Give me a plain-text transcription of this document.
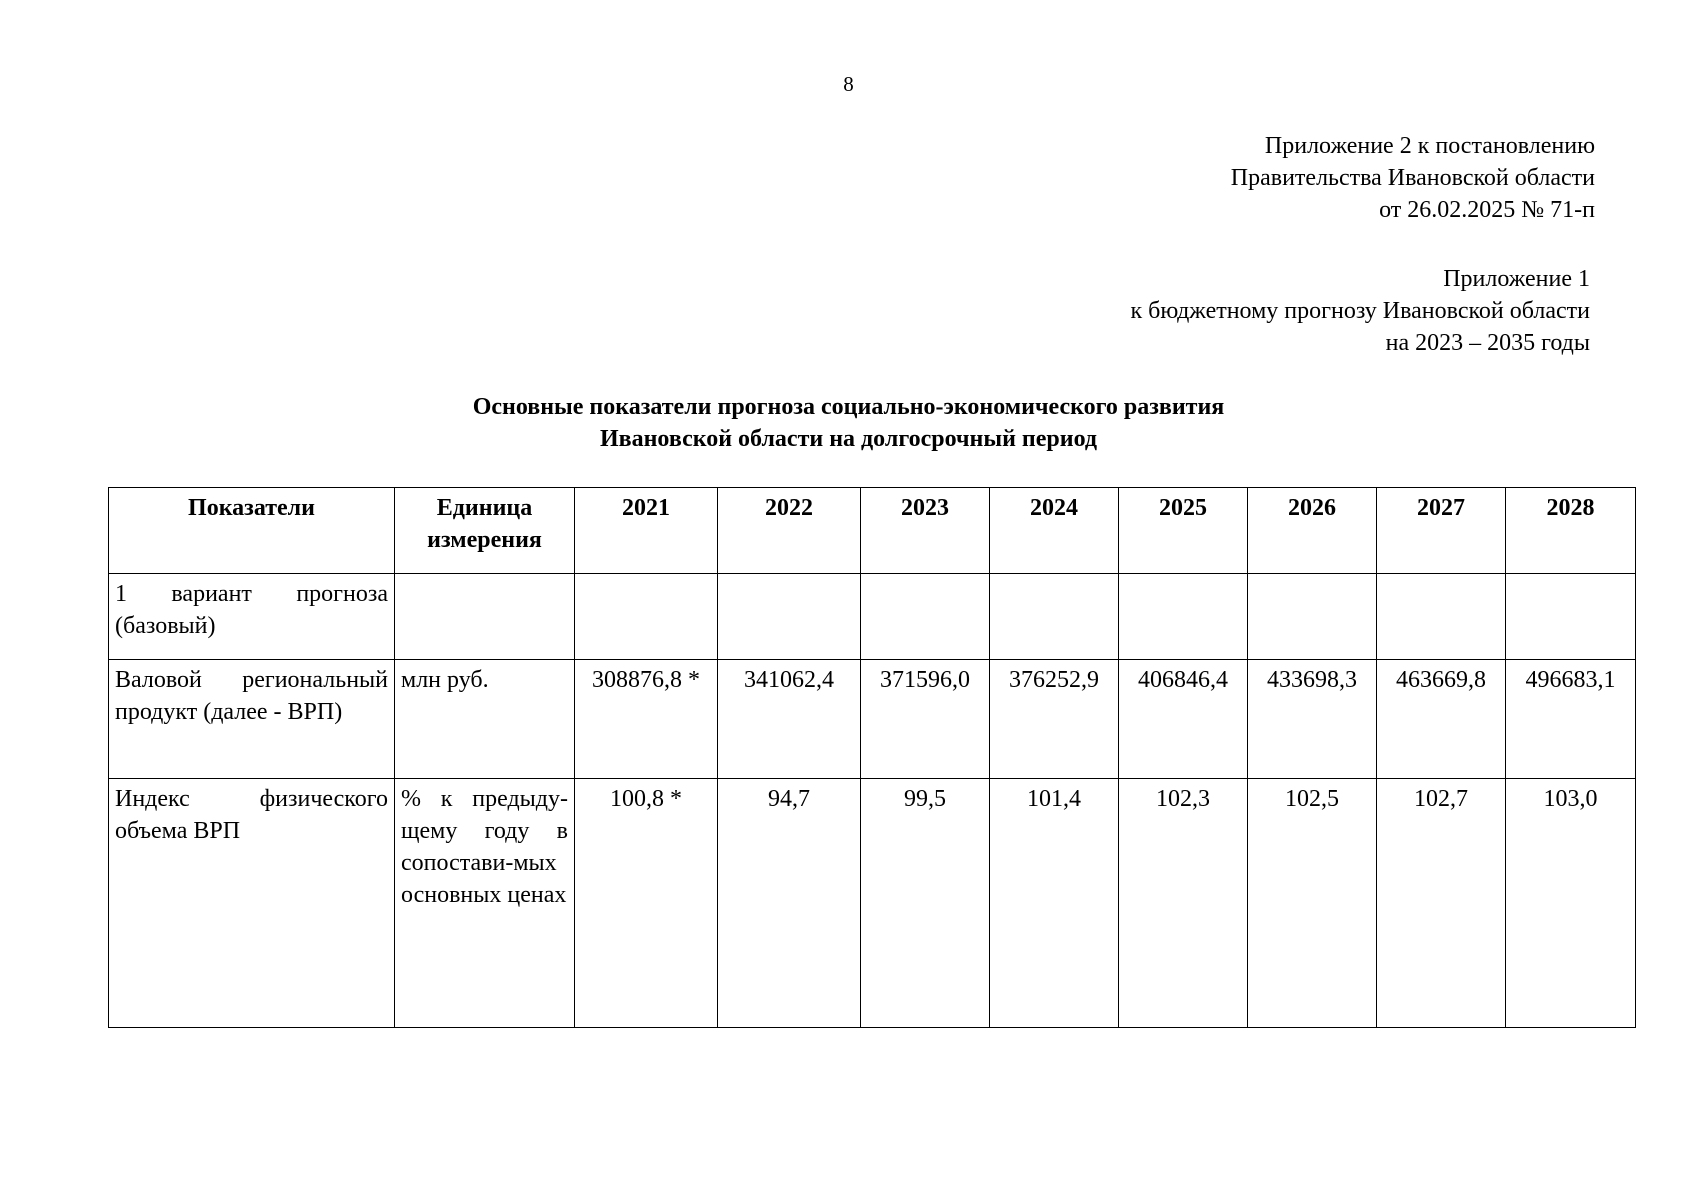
8
Приложение 2 к постановлению
Правительства Ивановской области
от 26.02.2025 № 71-п
Приложение 1
к бюджетному прогнозу Ивановской области
на 2023 – 2035 годы
Основные показатели прогноза социально-экономического развития
Ивановской области на долгосрочный период
Показатели	Единица измерения	2021	2022	2023	2024	2025	2026	2027	2028

1 вариант прогноза
(базовый)									

Валовой региональный продукт (далее - ВРП)	млн руб.	308876,8 *	341062,4	371596,0	376252,9	406846,4	433698,3	463669,8	496683,1
Индекс физического объема ВРП	% к предыду-щему году в сопостави-мых основных ценах	100,8 *	94,7	99,5	101,4	102,3	102,5	102,7	103,0
